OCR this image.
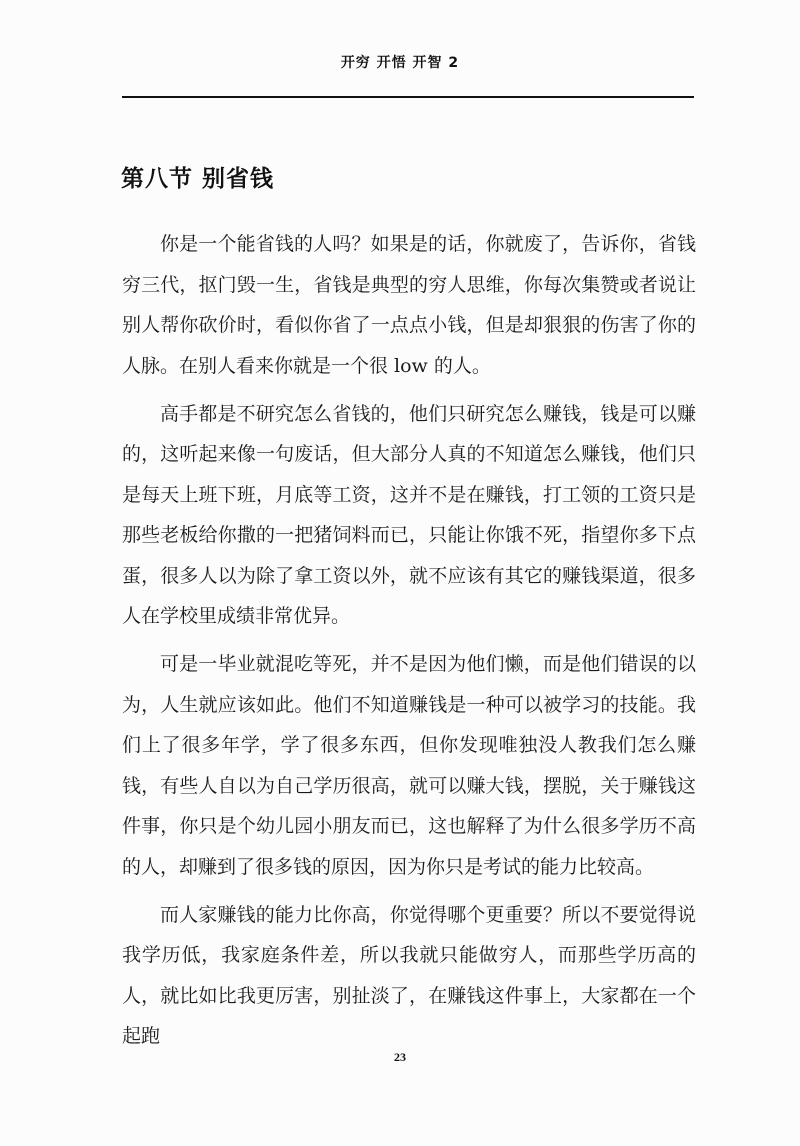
开穷 开悟 开智 2
第八节 别省钱

你是一个能省钱的人吗？如果是的话，你就废了，告诉你，省钱穷三代，抠门毁一生，省钱是典型的穷人思维，你每次集赞或者说让别人帮你砍价时，看似你省了一点点小钱，但是却狠狠的伤害了你的人脉。在别人看来你就是一个很 low 的人。

高手都是不研究怎么省钱的，他们只研究怎么赚钱，钱是可以赚的，这听起来像一句废话，但大部分人真的不知道怎么赚钱，他们只是每天上班下班，月底等工资，这并不是在赚钱，打工领的工资只是那些老板给你撒的一把猪饲料而已，只能让你饿不死，指望你多下点蛋，很多人以为除了拿工资以外，就不应该有其它的赚钱渠道，很多人在学校里成绩非常优异。

可是一毕业就混吃等死，并不是因为他们懒，而是他们错误的以为，人生就应该如此。他们不知道赚钱是一种可以被学习的技能。我们上了很多年学，学了很多东西，但你发现唯独没人教我们怎么赚钱，有些人自以为自己学历很高，就可以赚大钱，摆脱，关于赚钱这件事，你只是个幼儿园小朋友而已，这也解释了为什么很多学历不高的人，却赚到了很多钱的原因，因为你只是考试的能力比较高。

而人家赚钱的能力比你高，你觉得哪个更重要？所以不要觉得说我学历低，我家庭条件差，所以我就只能做穷人，而那些学历高的人，就比如比我更厉害，别扯淡了，在赚钱这件事上，大家都在一个起跑

23
